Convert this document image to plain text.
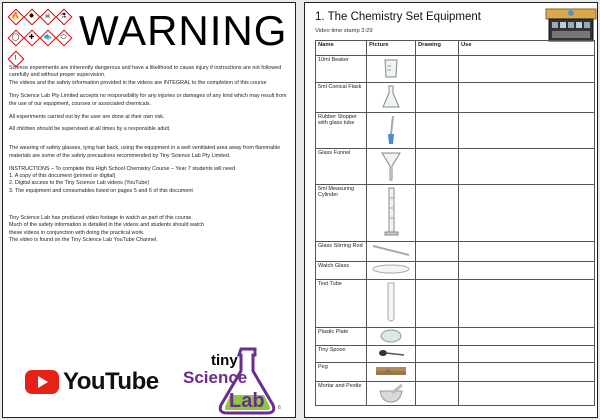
🔥	✸	☠	⚗
◯	✚	🐟	⬭
!
WARNING

Science experiments are inherently dangerous and have a likelihood to cause injury if instructions are not followed carefully and without proper supervision.

The videos and the safety information provided in the videos are INTEGRAL to the completion of this course

Tiny Science Lab Pty Limited accepts no responsibility for any injuries or damages of any kind which may result from the use of our equipment, courses or associated chemicals.

All experiments carried out by the user are done at their own risk.

All children should be supervised at all times by a responsible adult.

The wearing of safety glasses, tying hair back, using the equipment in a well ventilated area away from flammable materials are some of the safety precautions recommended by Tiny Science Lab Pty Limited.

INSTRUCTIONS – To complete this High School Chemistry Course – Year 7 students will need

1. A copy of this document (printed or digital)

2. Digital access to the Tiny Science Lab videos (YouTube)

3. The equipment and consumables listed on pages 5 and 6 of this document

Tiny Science Lab has produced video footage to watch as part of this course.

Much of the safety information is detailed in the videos and students should watch

these videos in conjunction with doing the practical work.

The video is found on the Tiny Science Lab YouTube Channel.

YouTube
tiny
Science
Lab	6
1. The Chemistry Set Equipment
Video time stamp 3:29
Name	Picture	Drawing	Use
10ml Beaker	

5ml Conical Flask	

Rubber Stopper with glass tube	

Glass Funnel	

5ml Measuring Cylinder	

Glass Stirring Rod	

Watch Glass	

Test Tube	

Plastic Plate	

Tiny Spoon	

Peg	

Mortar and Pestle	
